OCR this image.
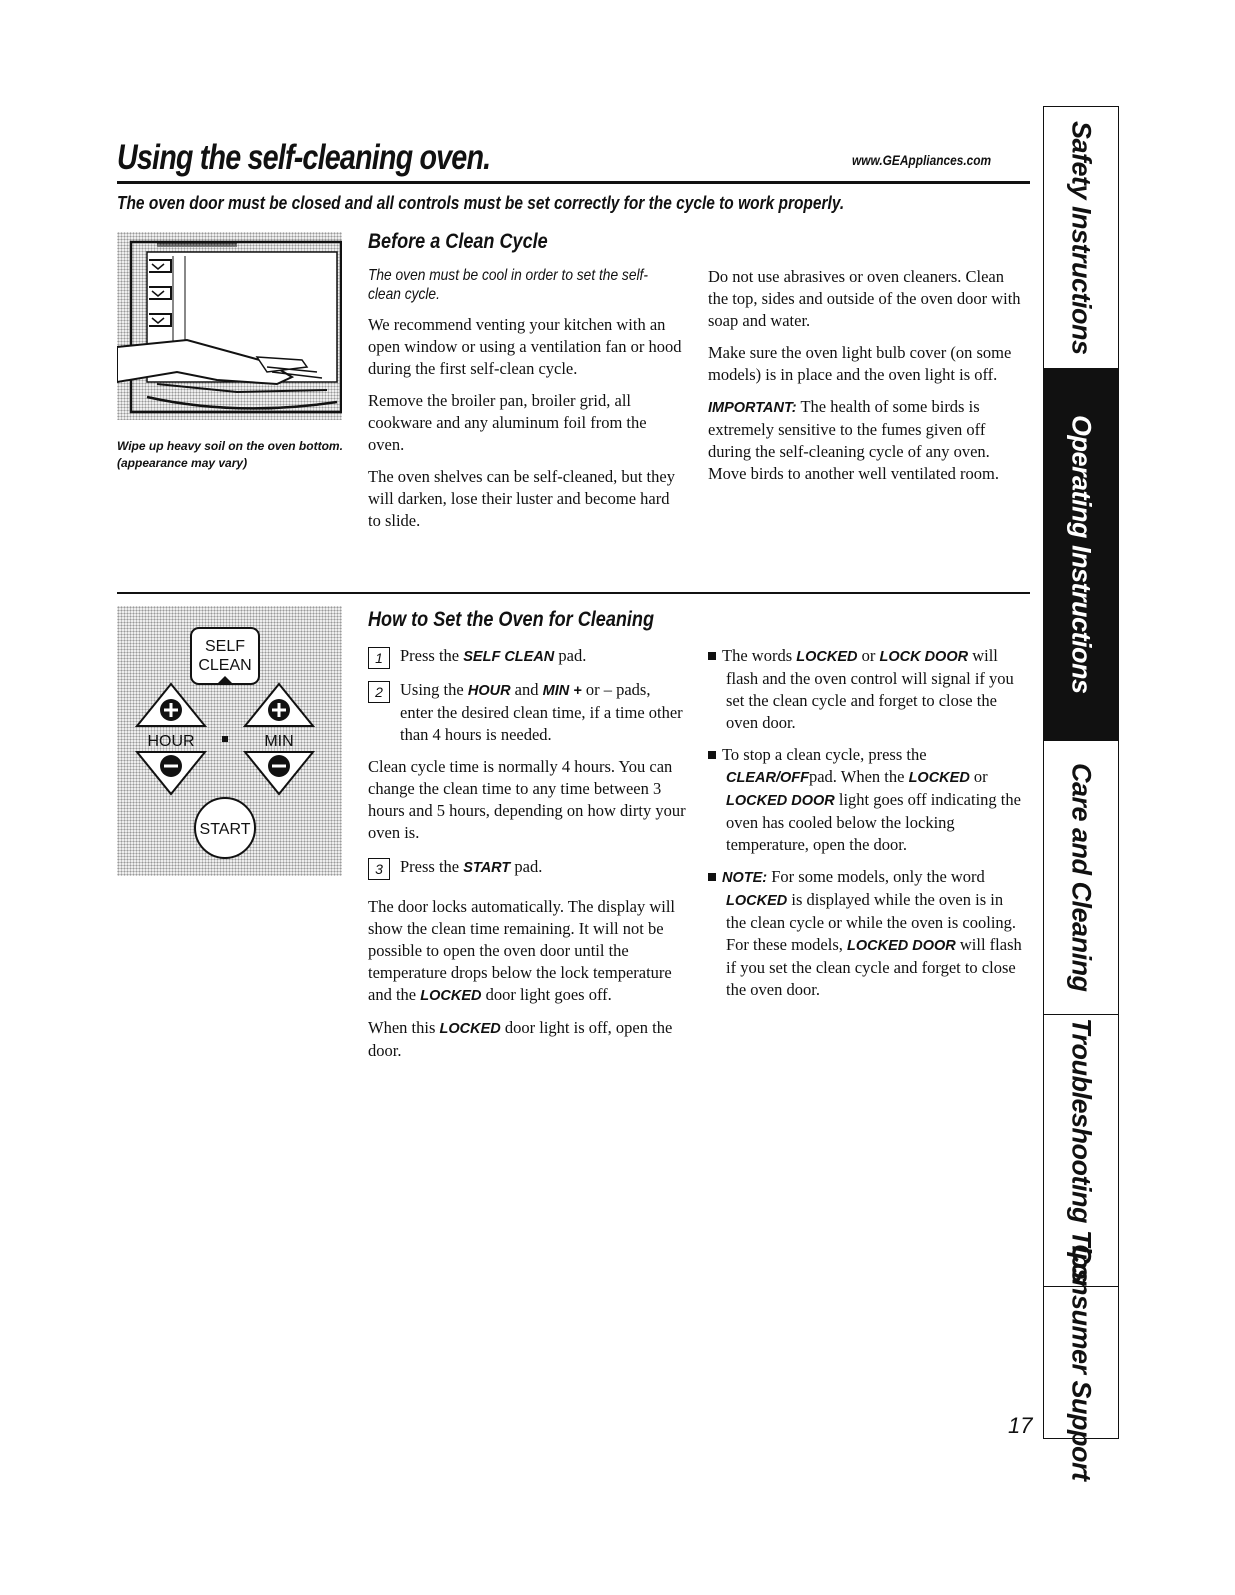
Using the self-cleaning oven.	www.GEAppliances.com
The oven door must be closed and all controls must be set correctly for the cycle to work properly.
Wipe up heavy soil on the oven bottom. (appearance may vary)
Before a Clean Cycle
The oven must be cool in order to set the self-clean cycle.

We recommend venting your kitchen with an open window or using a ventilation fan or hood during the first self-clean cycle.

Remove the broiler pan, broiler grid, all cookware and any aluminum foil from the oven.

The oven shelves can be self-cleaned, but they will darken, lose their luster and become hard to slide.

Do not use abrasives or oven cleaners. Clean the top, sides and outside of the oven door with soap and water.

Make sure the oven light bulb cover (on some models) is in place and the oven light is off.

IMPORTANT: The health of some birds is extremely sensitive to the fumes given off during the self-cleaning cycle of any oven. Move birds to another well ventilated room.

SELF
CLEAN
HOUR	MIN
START
How to Set the Oven for Cleaning
1	Press the SELF CLEAN pad.

2	Using the HOUR and MIN + or – pads, enter the desired clean time, if a time other than 4 hours is needed.

Clean cycle time is normally 4 hours. You can change the clean time to any time between 3 hours and 5 hours, depending on how dirty your oven is.

3	Press the START pad.

The door locks automatically. The display will show the clean time remaining. It will not be possible to open the oven door until the temperature drops below the lock temperature and the LOCKED door light goes off.

When this LOCKED door light is off, open the door.

The words LOCKED or LOCK DOOR will flash and the oven control will signal if you set the clean cycle and forget to close the oven door.

To stop a clean cycle, press the CLEAR/OFFpad. When the LOCKED or LOCKED DOOR light goes off indicating the oven has cooled below the locking temperature, open the door.

NOTE: For some models, only the word LOCKED is displayed while the oven is in the clean cycle or while the oven is cooling. For these models, LOCKED DOOR will flash if you set the clean cycle and forget to close the oven door.

17
Safety Instructions
Operating Instructions
Care and Cleaning
Troubleshooting Tips
Consumer Support
